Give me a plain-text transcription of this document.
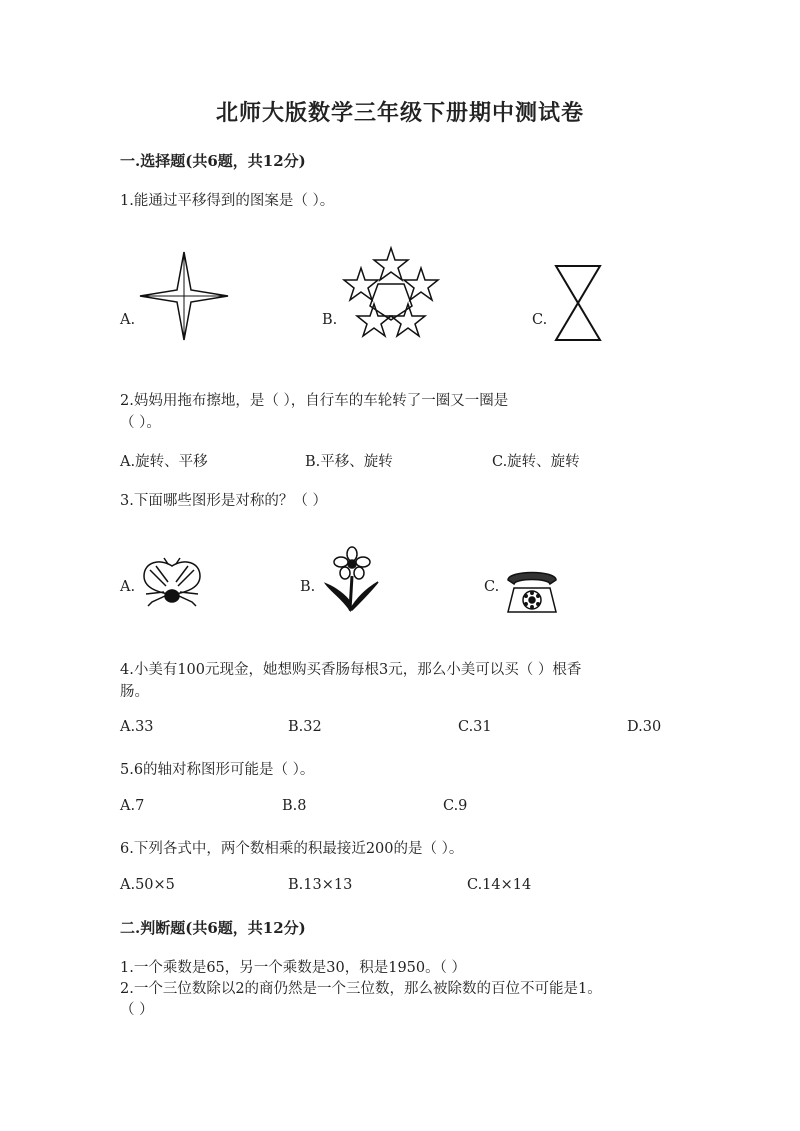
北师大版数学三年级下册期中测试卷
一.选择题(共6题，共12分)
1.能通过平移得到的图案是（ ）。
A.	B.	C.
2.妈妈用拖布擦地，是（ ），自行车的车轮转了一圈又一圈是
（ ）。
A.旋转、平移	B.平移、旋转	C.旋转、旋转
3.下面哪些图形是对称的？（ ）
A.	B.	C.
4.小美有100元现金，她想购买香肠每根3元，那么小美可以买（ ）根香
肠。
A.33	B.32	C.31	D.30
5.6的轴对称图形可能是（ ）。
A.7	B.8	C.9
6.下列各式中，两个数相乘的积最接近200的是（ ）。
A.50×5	B.13×13	C.14×14
二.判断题(共6题，共12分)
1.一个乘数是65，另一个乘数是30，积是1950。（ ）
2.一个三位数除以2的商仍然是一个三位数，那么被除数的百位不可能是1。
（ ）
